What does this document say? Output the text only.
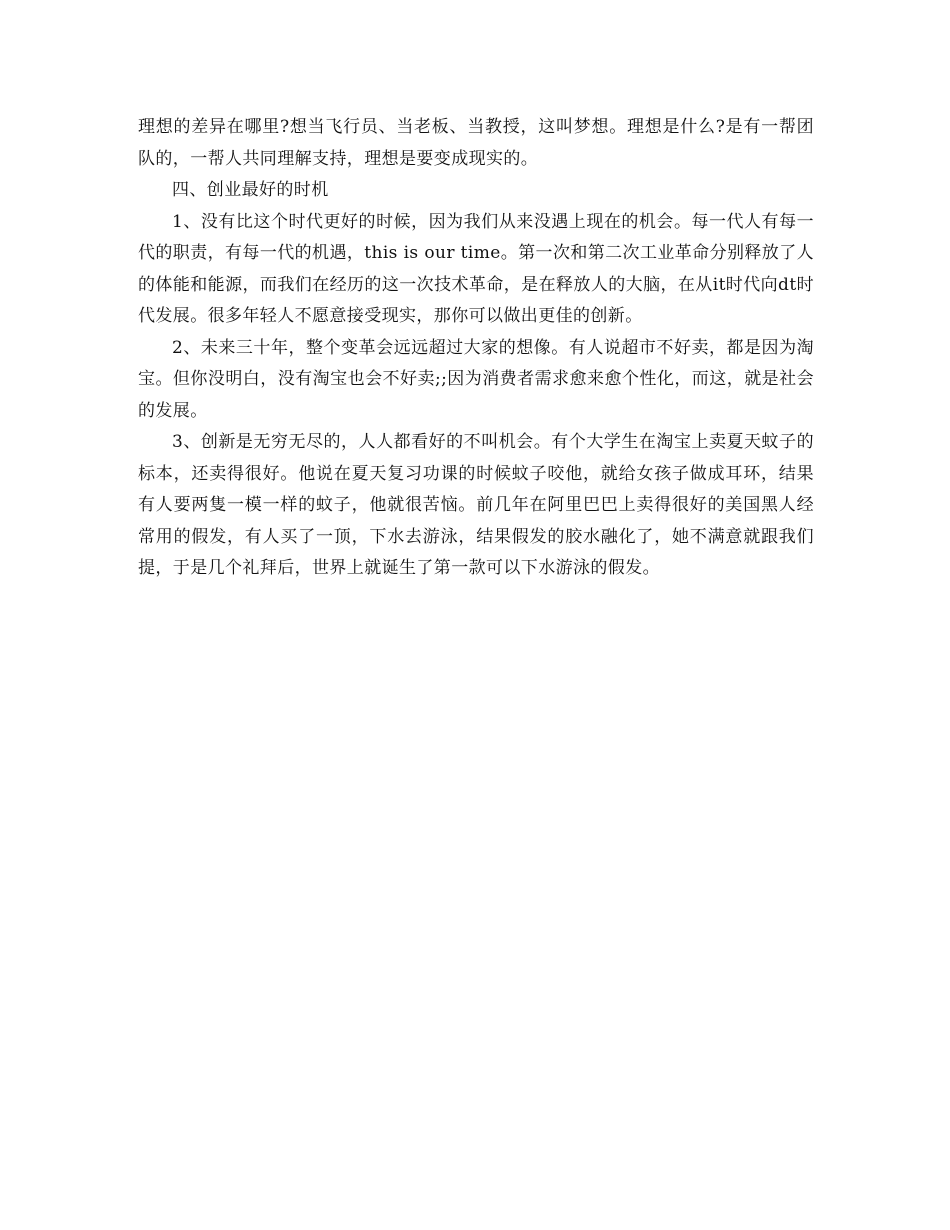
理想的差异在哪里?想当飞行员、当老板、当教授，这叫梦想。理想是什么?是有一帮团队的，一帮人共同理解支持，理想是要变成现实的。

四、创业最好的时机

1、没有比这个时代更好的时候，因为我们从来没遇上现在的机会。每一代人有每一代的职责，有每一代的机遇，this is our time。第一次和第二次工业革命分别释放了人的体能和能源，而我们在经历的这一次技术革命，是在释放人的大脑，在从it时代向dt时代发展。很多年轻人不愿意接受现实，那你可以做出更佳的创新。

2、未来三十年，整个变革会远远超过大家的想像。有人说超市不好卖，都是因为淘宝。但你没明白，没有淘宝也会不好卖;;因为消费者需求愈来愈个性化，而这，就是社会的发展。

3、创新是无穷无尽的，人人都看好的不叫机会。有个大学生在淘宝上卖夏天蚊子的标本，还卖得很好。他说在夏天复习功课的时候蚊子咬他，就给女孩子做成耳环，结果有人要两隻一模一样的蚊子，他就很苦恼。前几年在阿里巴巴上卖得很好的美国黑人经常用的假发，有人买了一顶，下水去游泳，结果假发的胶水融化了，她不满意就跟我们提，于是几个礼拜后，世界上就诞生了第一款可以下水游泳的假发。
